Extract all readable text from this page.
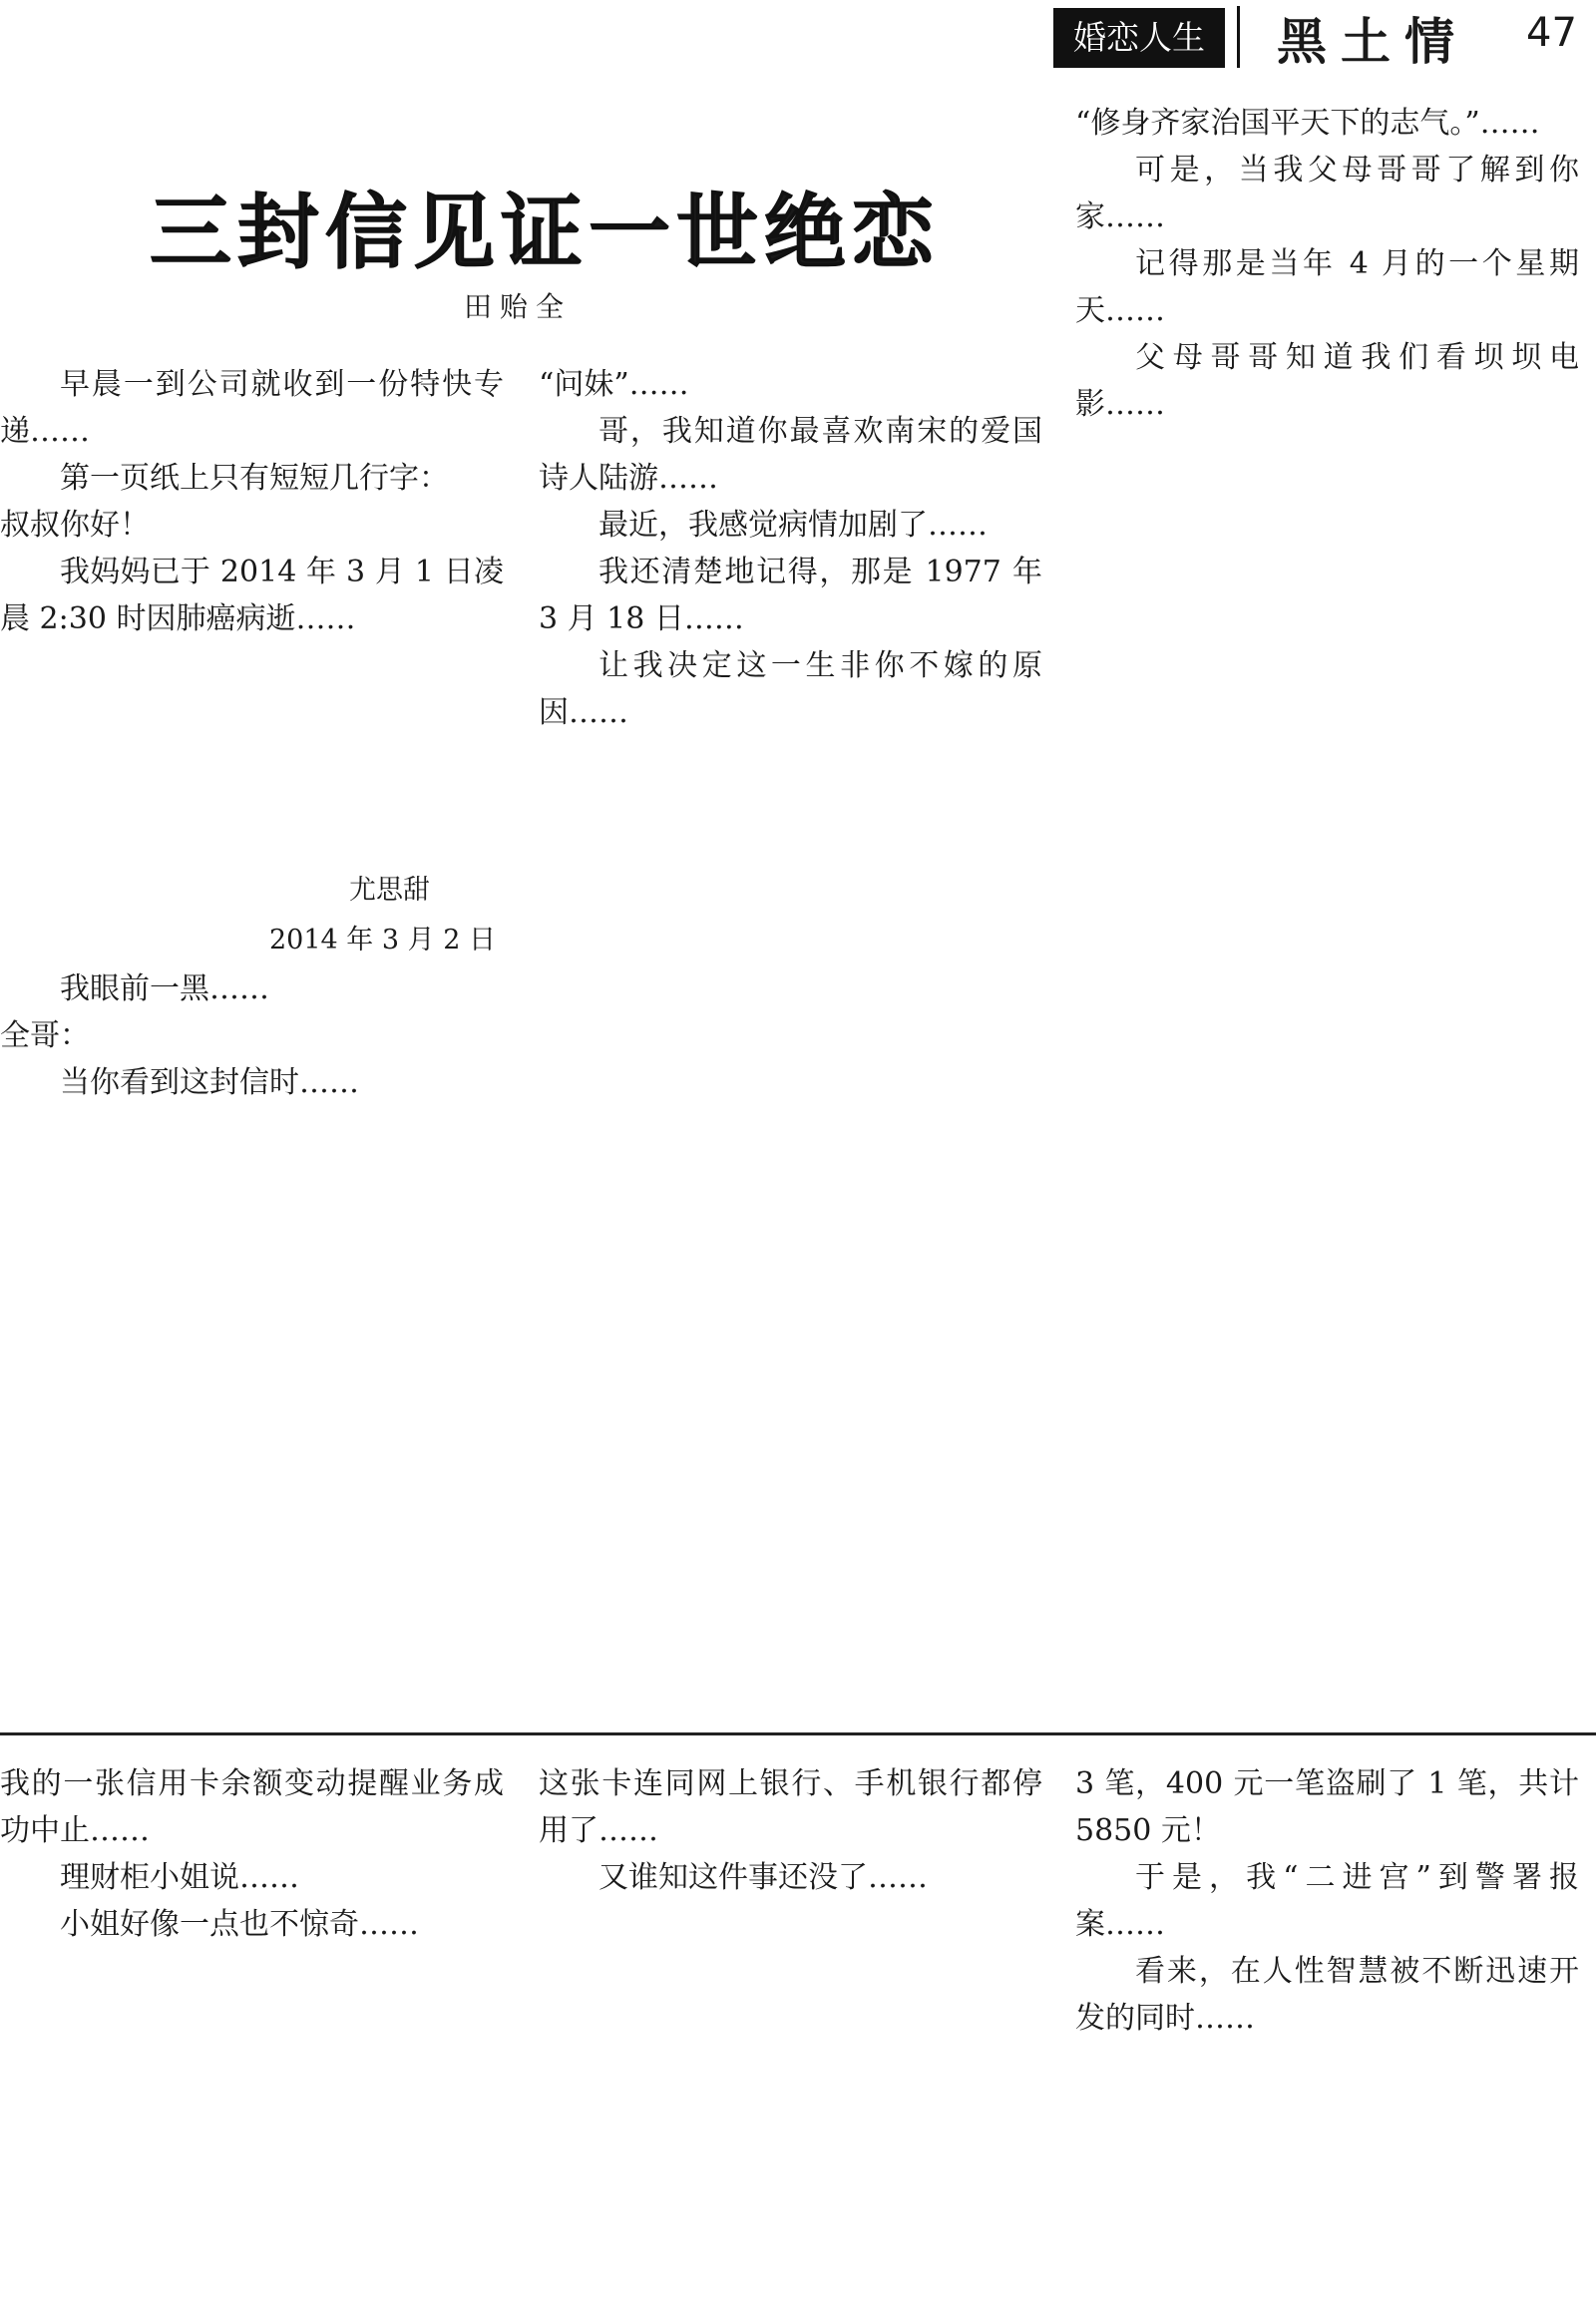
婚恋人生	黑土情 47
三封信见证一世绝恋
田贻全

早晨一到公司就收到一份特快专递……

第一页纸上只有短短几行字：

叔叔你好！

我妈妈已于 2014 年 3 月 1 日凌晨 2:30 时因肺癌病逝……

尤思甜
2014 年 3 月 2 日

我眼前一黑……

全哥：

当你看到这封信时……

“问妹”……

哥，我知道你最喜欢南宋的爱国诗人陆游……

最近，我感觉病情加剧了……

我还清楚地记得，那是 1977 年 3 月 18 日……

让我决定这一生非你不嫁的原因……

“修身齐家治国平天下的志气。”……

可是，当我父母哥哥了解到你家……

记得那是当年 4 月的一个星期天……

父母哥哥知道我们看坝坝电影……

我的一张信用卡余额变动提醒业务成功中止……

理财柜小姐说……

小姐好像一点也不惊奇……

这张卡连同网上银行、手机银行都停用了……

又谁知这件事还没了……

3 笔，400 元一笔盗刷了 1 笔，共计 5850 元！

于是，我“二进宫”到警署报案……

看来，在人性智慧被不断迅速开发的同时……
